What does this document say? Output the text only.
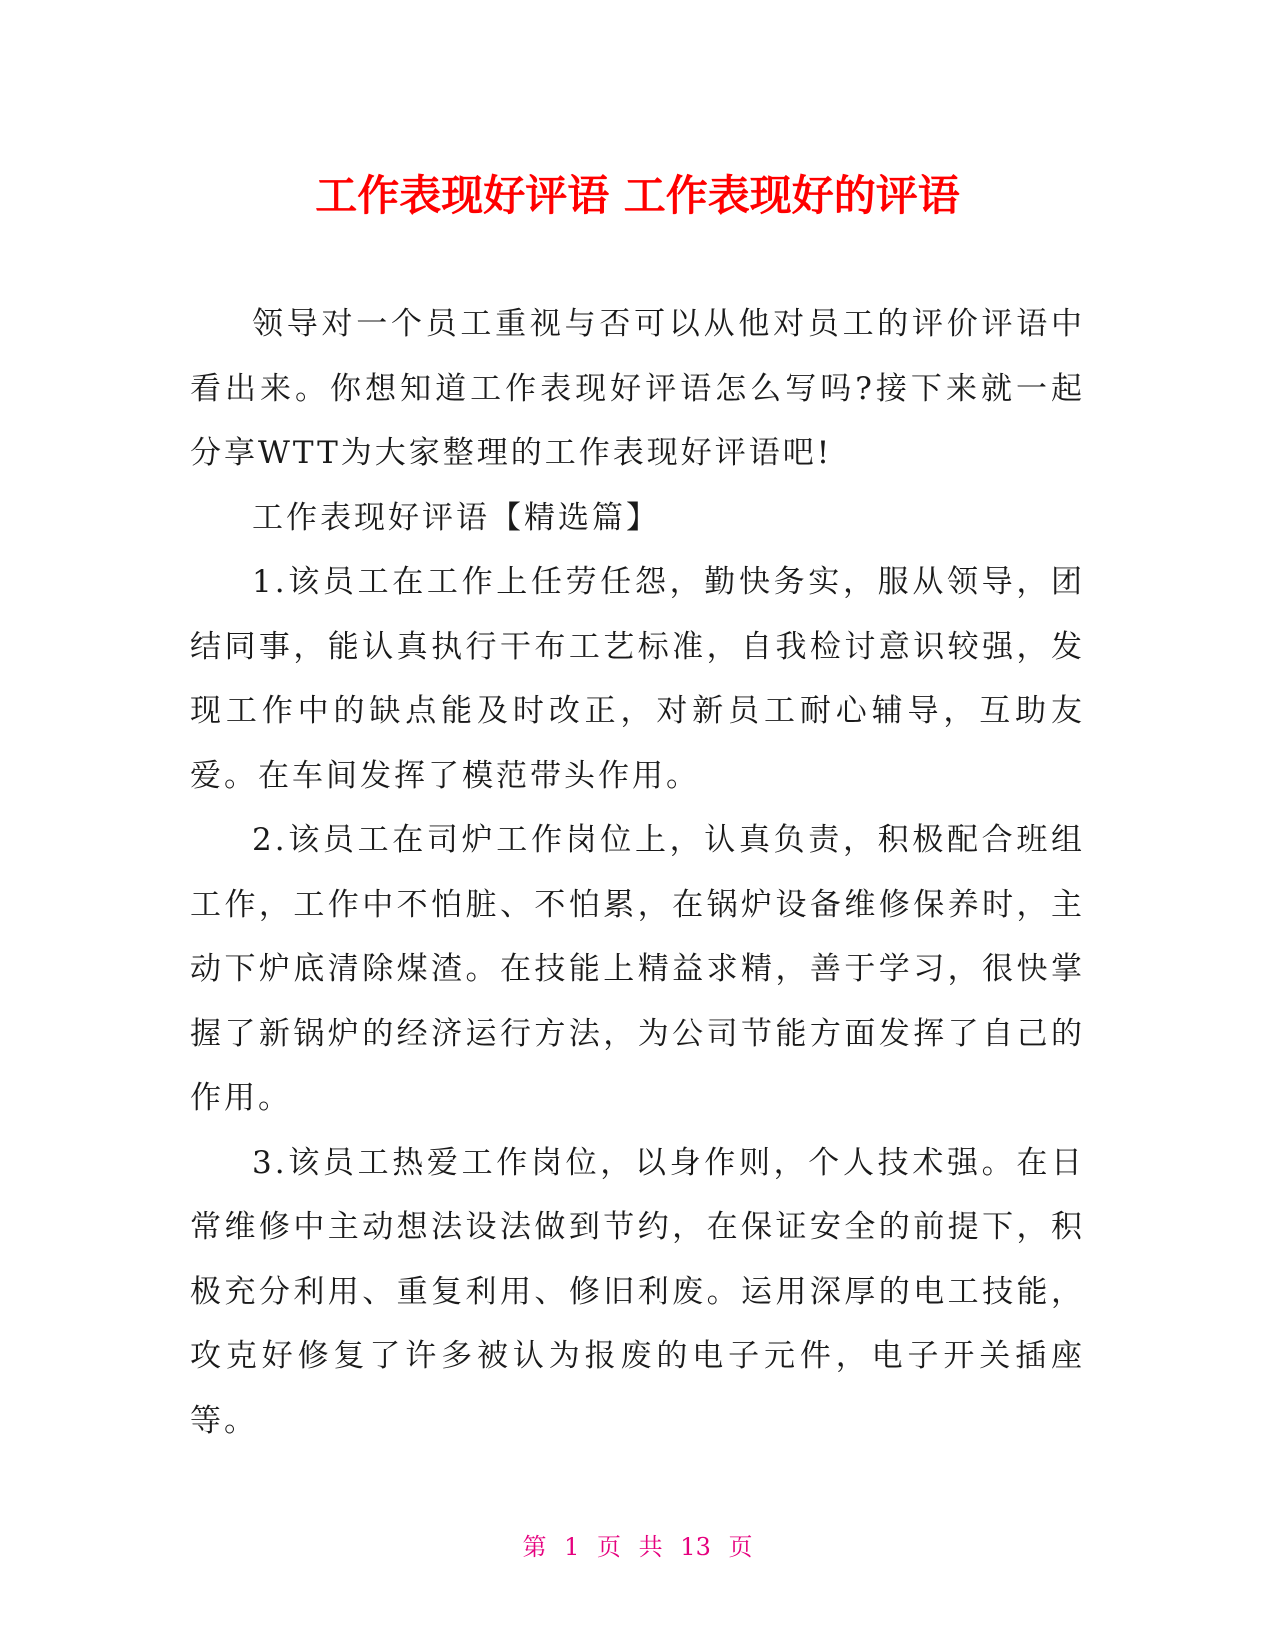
工作表现好评语 工作表现好的评语

领导对一个员工重视与否可以从他对员工的评价评语中看出来。你想知道工作表现好评语怎么写吗?接下来就一起分享WTT为大家整理的工作表现好评语吧!

工作表现好评语【精选篇】

1.该员工在工作上任劳任怨，勤快务实，服从领导，团结同事，能认真执行干布工艺标准，自我检讨意识较强，发现工作中的缺点能及时改正，对新员工耐心辅导，互助友爱。在车间发挥了模范带头作用。

2.该员工在司炉工作岗位上，认真负责，积极配合班组工作，工作中不怕脏、不怕累，在锅炉设备维修保养时，主动下炉底清除煤渣。在技能上精益求精，善于学习，很快掌握了新锅炉的经济运行方法，为公司节能方面发挥了自己的作用。

3.该员工热爱工作岗位，以身作则，个人技术强。在日常维修中主动想法设法做到节约，在保证安全的前提下，积极充分利用、重复利用、修旧利废。运用深厚的电工技能，攻克好修复了许多被认为报废的电子元件，电子开关插座等。

第 1 页 共 13 页
